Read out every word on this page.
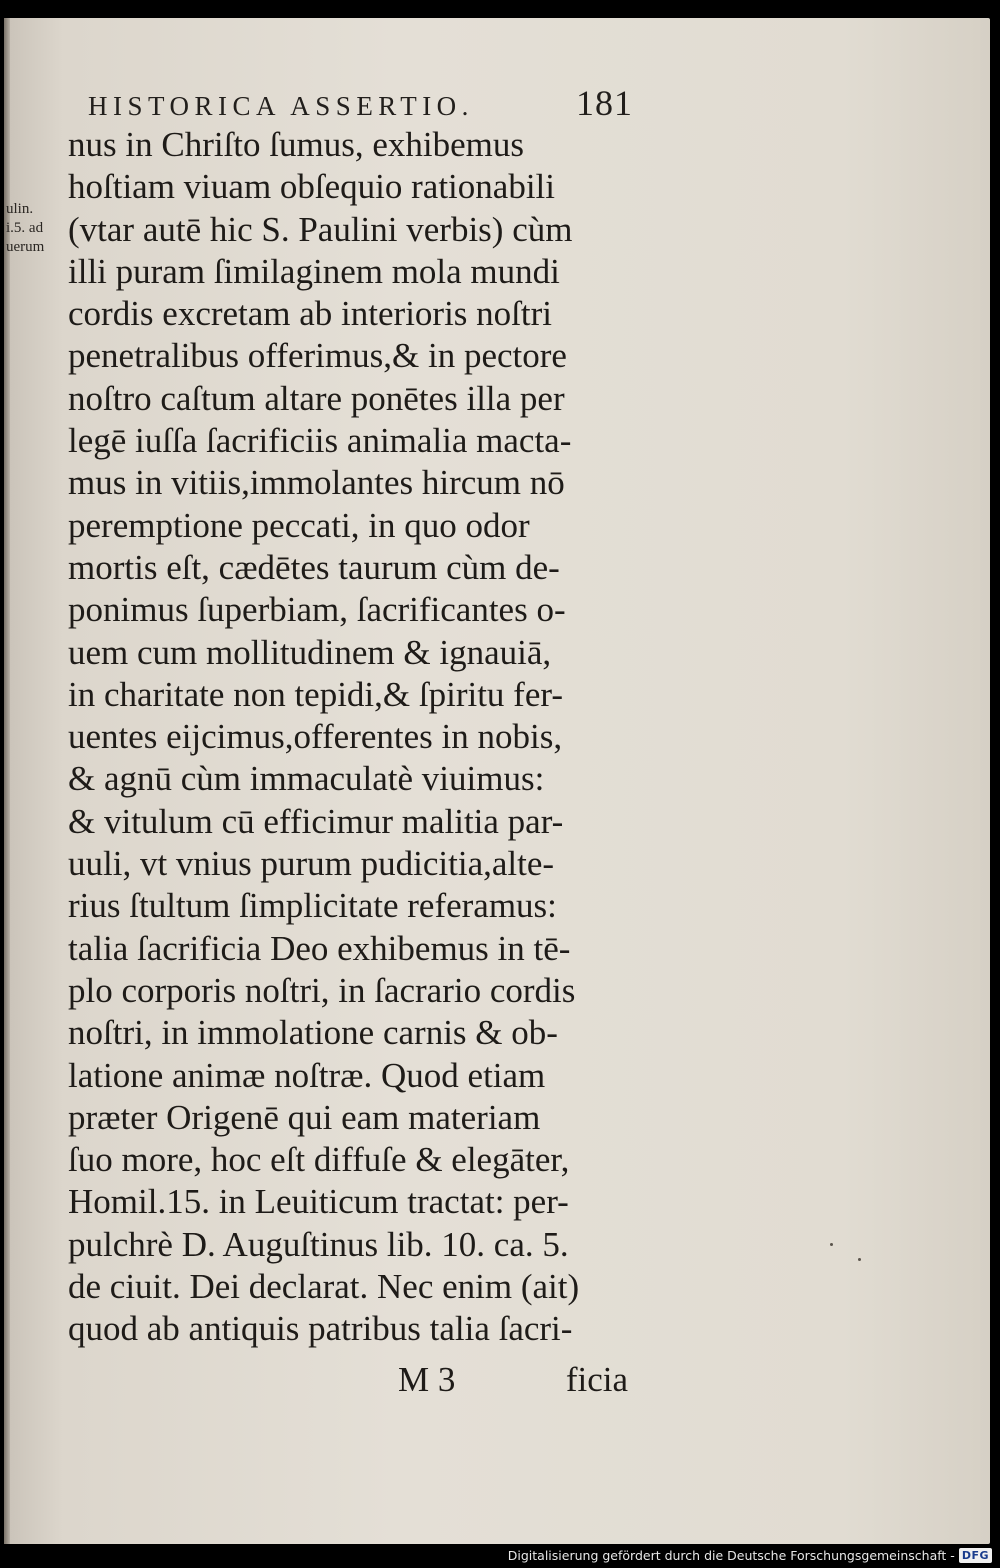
ulin.
i.5. ad
uerum
HISTORICA ASSERTIO.	181
nus in Chriſto ſumus, exhibemus
hoſtiam viuam obſequio rationabili
(vtar autē hic S. Paulini verbis) cùm
illi puram ſimilaginem mola mundi
cordis excretam ab interioris noſtri
penetralibus offerimus,& in pectore
noſtro caſtum altare ponētes illa per
legē iuſſa ſacrificiis animalia macta-
mus in vitiis,immolantes hircum nō
peremptione peccati, in quo odor
mortis eſt, cædētes taurum cùm de-
ponimus ſuperbiam, ſacrificantes o-
uem cum mollitudinem & ignauiā,
in charitate non tepidi,& ſpiritu fer-
uentes eijcimus,offerentes in nobis,
& agnū cùm immaculatè viuimus:
& vitulum cū efficimur malitia par-
uuli, vt vnius purum pudicitia,alte-
rius ſtultum ſimplicitate referamus:
talia ſacrificia Deo exhibemus in tē-
plo corporis noſtri, in ſacrario cordis
noſtri, in immolatione carnis & ob-
latione animæ noſtræ. Quod etiam
præter Origenē qui eam materiam
ſuo more, hoc eſt diffuſe & elegāter,
Homil.15. in Leuiticum tractat: per-
pulchrè D. Auguſtinus lib. 10. ca. 5.
de ciuit. Dei declarat. Nec enim (ait)
quod ab antiquis patribus talia ſacri-
M 3	ficia
Digitalisierung gefördert durch die Deutsche Forschungsgemeinschaft - DFG
